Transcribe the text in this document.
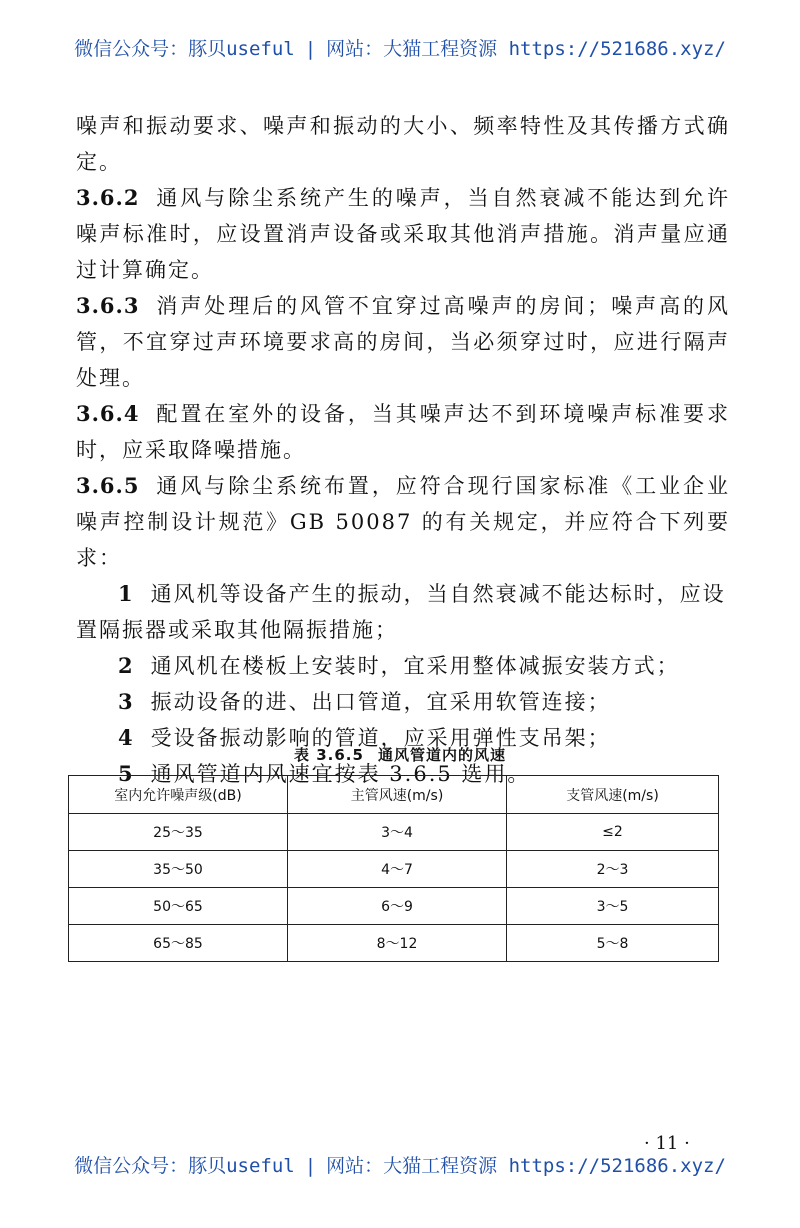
微信公众号：豚贝useful | 网站：大猫工程资源 https://521686.xyz/

噪声和振动要求、噪声和振动的大小、频率特性及其传播方式确定。

3.6.2 通风与除尘系统产生的噪声，当自然衰减不能达到允许噪声标准时，应设置消声设备或采取其他消声措施。消声量应通过计算确定。

3.6.3 消声处理后的风管不宜穿过高噪声的房间；噪声高的风管，不宜穿过声环境要求高的房间，当必须穿过时，应进行隔声处理。

3.6.4 配置在室外的设备，当其噪声达不到环境噪声标准要求时，应采取降噪措施。

3.6.5 通风与除尘系统布置，应符合现行国家标准《工业企业噪声控制设计规范》GB 50087 的有关规定，并应符合下列要求：

1 通风机等设备产生的振动，当自然衰减不能达标时，应设置隔振器或采取其他隔振措施；

2 通风机在楼板上安装时，宜采用整体减振安装方式；

3 振动设备的进、出口管道，宜采用软管连接；

4 受设备振动影响的管道，应采用弹性支吊架；

5 通风管道内风速宜按表 3.6.5 选用。

表 3.6.5 通风管道内的风速
室内允许噪声级(dB)	主管风速(m/s)	支管风速(m/s)
25～35	3～4	≤2
35～50	4～7	2～3
50～65	6～9	3～5
65～85	8～12	5～8
· 11 ·
微信公众号：豚贝useful | 网站：大猫工程资源 https://521686.xyz/
